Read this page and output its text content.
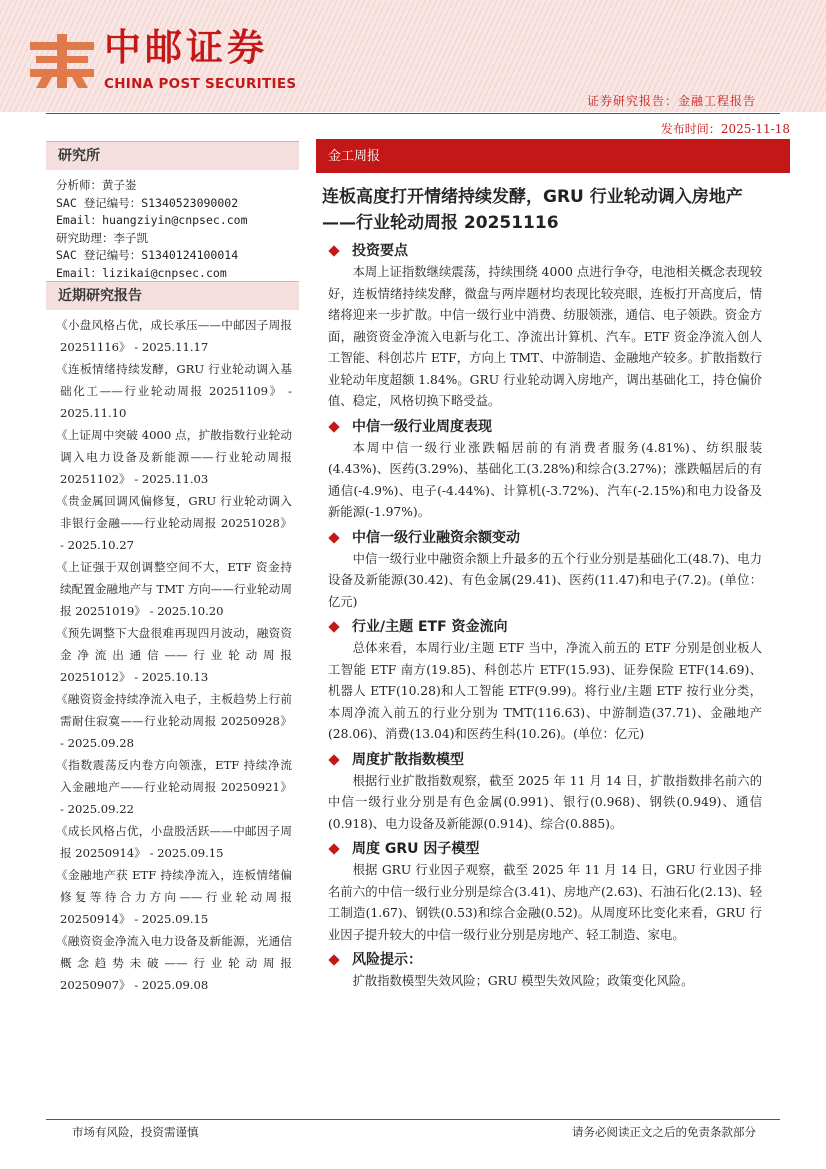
中邮证券
CHINA POST SECURITIES
证券研究报告：金融工程报告
发布时间：2025-11-18
研究所
分析师：黄子崟
SAC 登记编号：S1340523090002
Email：huangziyin@cnpsec.com
研究助理：李子凯
SAC 登记编号：S1340124100014
Email：lizikai@cnpsec.com
近期研究报告
《小盘风格占优，成长承压——中邮因子周报 20251116》 - 2025.11.17
《连板情绪持续发酵，GRU 行业轮动调入基础化工——行业轮动周报 20251109》 - 2025.11.10
《上证周中突破 4000 点，扩散指数行业轮动调入电力设备及新能源——行业轮动周报 20251102》 - 2025.11.03
《贵金属回调风偏修复，GRU 行业轮动调入非银行金融——行业轮动周报 20251028》 - 2025.10.27
《上证强于双创调整空间不大，ETF 资金持续配置金融地产与 TMT 方向——行业轮动周报 20251019》 - 2025.10.20
《预先调整下大盘很难再现四月波动，融资资金净流出通信——行业轮动周报 20251012》 - 2025.10.13
《融资资金持续净流入电子，主板趋势上行前需耐住寂寞——行业轮动周报 20250928》 - 2025.09.28
《指数震荡反内卷方向领涨，ETF 持续净流入金融地产——行业轮动周报 20250921》 - 2025.09.22
《成长风格占优，小盘股活跃——中邮因子周报 20250914》 - 2025.09.15
《金融地产获 ETF 持续净流入，连板情绪偏修复等待合力方向——行业轮动周报 20250914》 - 2025.09.15
《融资资金净流入电力设备及新能源，光通信概念趋势未破——行业轮动周报 20250907》 - 2025.09.08
金工周报
连板高度打开情绪持续发酵，GRU 行业轮动调入房地产——行业轮动周报 20251116
投资要点

本周上证指数继续震荡，持续围绕 4000 点进行争夺，电池相关概念表现较好，连板情绪持续发酵，微盘与两岸题材均表现比较亮眼，连板打开高度后，情绪将迎来一步扩散。中信一级行业中消费、纺服领涨，通信、电子领跌。资金方面，融资资金净流入电新与化工、净流出计算机、汽车。ETF 资金净流入创人工智能、科创芯片 ETF，方向上 TMT、中游制造、金融地产较多。扩散指数行业轮动年度超额 1.84%。GRU 行业轮动调入房地产，调出基础化工，持仓偏价值、稳定，风格切换下略受益。

中信一级行业周度表现

本周中信一级行业涨跌幅居前的有消费者服务(4.81%)、纺织服装(4.43%)、医药(3.29%)、基础化工(3.28%)和综合(3.27%)；涨跌幅居后的有通信(-4.9%)、电子(-4.44%)、计算机(-3.72%)、汽车(-2.15%)和电力设备及新能源(-1.97%)。

中信一级行业融资余额变动

中信一级行业中融资余额上升最多的五个行业分别是基础化工(48.7)、电力设备及新能源(30.42)、有色金属(29.41)、医药(11.47)和电子(7.2)。(单位：亿元)

行业/主题 ETF 资金流向

总体来看，本周行业/主题 ETF 当中，净流入前五的 ETF 分别是创业板人工智能 ETF 南方(19.85)、科创芯片 ETF(15.93)、证券保险 ETF(14.69)、机器人 ETF(10.28)和人工智能 ETF(9.99)。将行业/主题 ETF 按行业分类，本周净流入前五的行业分别为 TMT(116.63)、中游制造(37.71)、金融地产(28.06)、消费(13.04)和医药生科(10.26)。(单位：亿元)

周度扩散指数模型

根据行业扩散指数观察，截至 2025 年 11 月 14 日，扩散指数排名前六的中信一级行业分别是有色金属(0.991)、银行(0.968)、钢铁(0.949)、通信(0.918)、电力设备及新能源(0.914)、综合(0.885)。

周度 GRU 因子模型

根据 GRU 行业因子观察，截至 2025 年 11 月 14 日，GRU 行业因子排名前六的中信一级行业分别是综合(3.41)、房地产(2.63)、石油石化(2.13)、轻工制造(1.67)、钢铁(0.53)和综合金融(0.52)。从周度环比变化来看，GRU 行业因子提升较大的中信一级行业分别是房地产、轻工制造、家电。

风险提示：

扩散指数模型失效风险；GRU 模型失效风险；政策变化风险。

市场有风险，投资需谨慎	请务必阅读正文之后的免责条款部分
